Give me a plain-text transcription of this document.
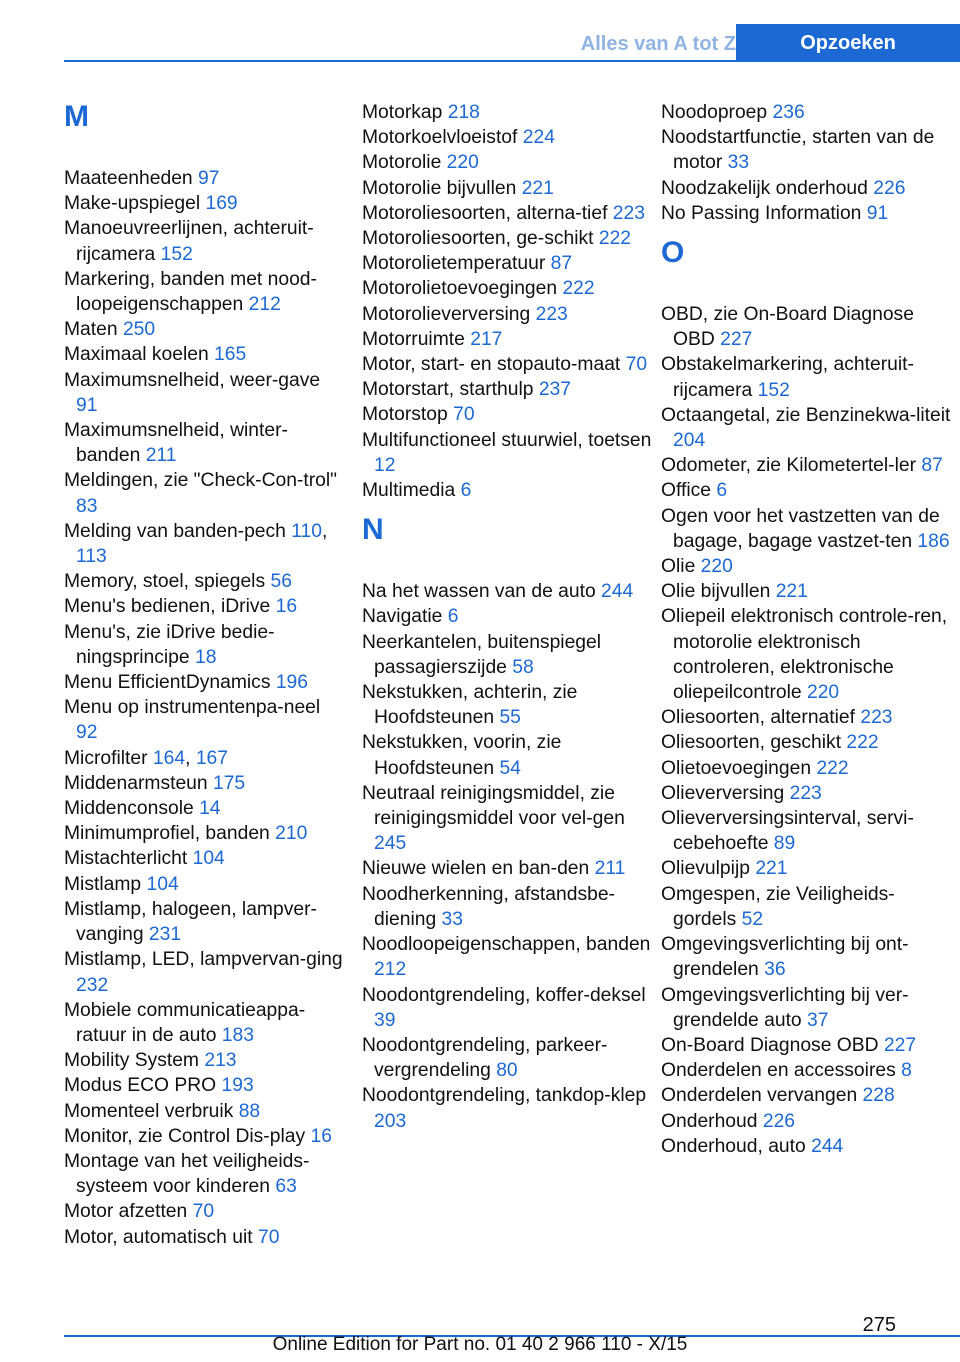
Alles van A tot Z	Opzoeken
M
Maateenheden 97
Make-upspiegel 169
Manoeuvreerlijnen, achteruit-rijcamera 152
Markering, banden met nood-loopeigenschappen 212
Maten 250
Maximaal koelen 165
Maximumsnelheid, weer-gave 91
Maximumsnelheid, winter-banden 211
Meldingen, zie "Check-Con-trol" 83
Melding van banden-pech 110, 113
Memory, stoel, spiegels 56
Menu's bedienen, iDrive 16
Menu's, zie iDrive bedie-ningsprincipe 18
Menu EfficientDynamics 196
Menu op instrumentenpa-neel 92
Microfilter 164, 167
Middenarmsteun 175
Middenconsole 14
Minimumprofiel, banden 210
Mistachterlicht 104
Mistlamp 104
Mistlamp, halogeen, lampver-vanging 231
Mistlamp, LED, lampvervan-ging 232
Mobiele communicatieappa-ratuur in de auto 183
Mobility System 213
Modus ECO PRO 193
Momenteel verbruik 88
Monitor, zie Control Dis-play 16
Montage van het veiligheids-systeem voor kinderen 63
Motor afzetten 70
Motor, automatisch uit 70
Motorkap 218
Motorkoelvloeistof 224
Motorolie 220
Motorolie bijvullen 221
Motoroliesoorten, alterna-tief 223
Motoroliesoorten, ge-schikt 222
Motorolietemperatuur 87
Motorolietoevoegingen 222
Motorolieverversing 223
Motorruimte 217
Motor, start- en stopauto-maat 70
Motorstart, starthulp 237
Motorstop 70
Multifunctioneel stuurwiel, toetsen 12
Multimedia 6
N
Na het wassen van de auto 244
Navigatie 6
Neerkantelen, buitenspiegel passagierszijde 58
Nekstukken, achterin, zie Hoofdsteunen 55
Nekstukken, voorin, zie Hoofdsteunen 54
Neutraal reinigingsmiddel, zie reinigingsmiddel voor vel-gen 245
Nieuwe wielen en ban-den 211
Noodherkenning, afstandsbe-diening 33
Noodloopeigenschappen, banden 212
Noodontgrendeling, koffer-deksel 39
Noodontgrendeling, parkeer-vergrendeling 80
Noodontgrendeling, tankdop-klep 203
Noodoproep 236
Noodstartfunctie, starten van de motor 33
Noodzakelijk onderhoud 226
No Passing Information 91
O
OBD, zie On-Board Diagnose OBD 227
Obstakelmarkering, achteruit-rijcamera 152
Octaangetal, zie Benzinekwa-liteit 204
Odometer, zie Kilometertel-ler 87
Office 6
Ogen voor het vastzetten van de bagage, bagage vastzet-ten 186
Olie 220
Olie bijvullen 221
Oliepeil elektronisch controle-ren, motorolie elektronisch controleren, elektronische oliepeilcontrole 220
Oliesoorten, alternatief 223
Oliesoorten, geschikt 222
Olietoevoegingen 222
Olieverversing 223
Olieverversingsinterval, servi-cebehoefte 89
Olievulpijp 221
Omgespen, zie Veiligheids-gordels 52
Omgevingsverlichting bij ont-grendelen 36
Omgevingsverlichting bij ver-grendelde auto 37
On-Board Diagnose OBD 227
Onderdelen en accessoires 8
Onderdelen vervangen 228
Onderhoud 226
Onderhoud, auto 244
275
Online Edition for Part no. 01 40 2 966 110 - X/15
